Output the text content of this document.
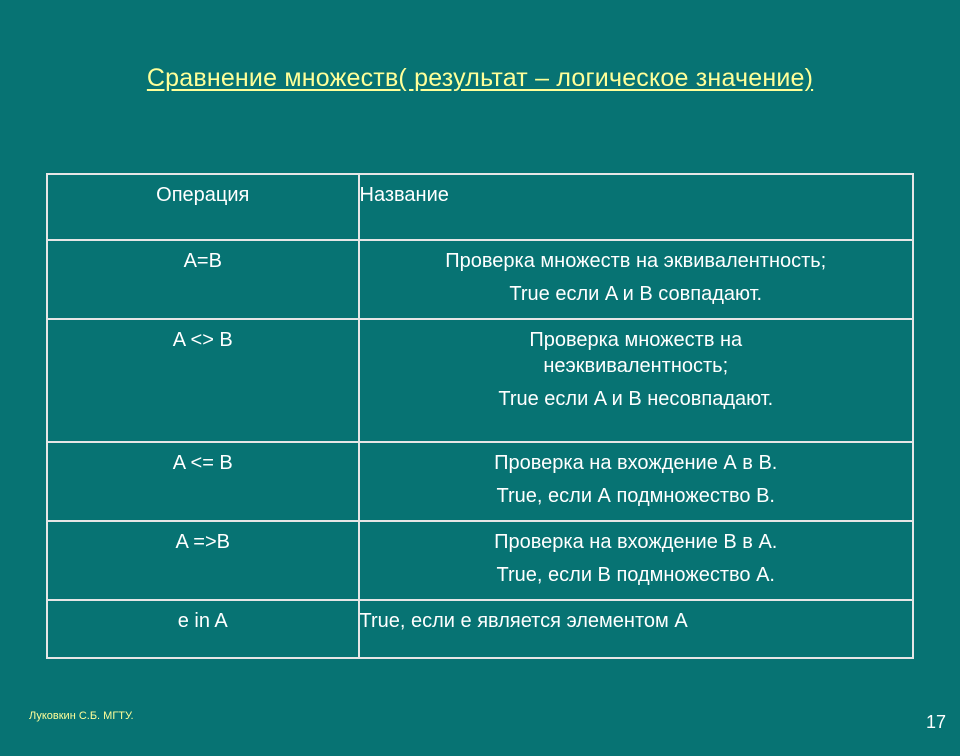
Сравнение множеств( результат – логическое значение)
Операция	Название

A=B	Проверка множеств на эквивалентность;
True если A и B совпадают.

A <> B	Проверка множеств на
неэквивалентность;
True если A и B несовпадают.

A <= B	Проверка на вхождение А в В.
True, если А подмножество В.

A =>B	Проверка на вхождение В в А.
True, если В подмножество А.

e in A	True, если е является элементом А
Луковкин С.Б. МГТУ.	17
